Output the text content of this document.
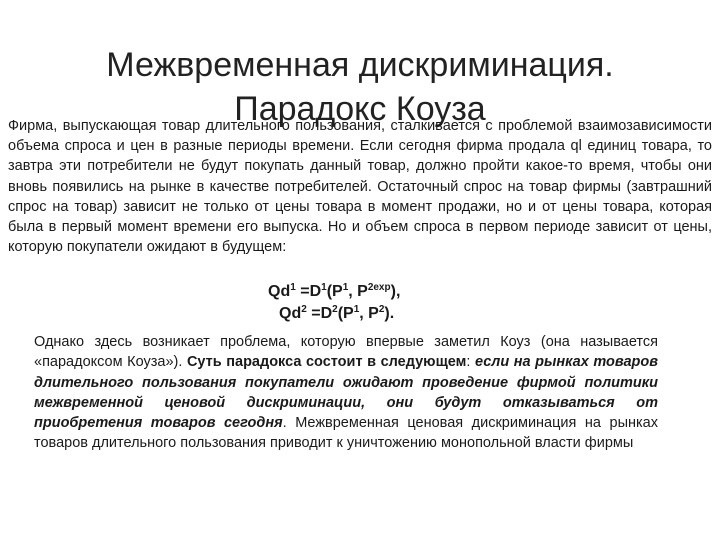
Межвременная дискриминация.
Парадокс Коуза

Фирма, выпускающая товар длительного пользования, сталкивается с проблемой взаимозависимости объема спроса и цен в разные периоды времени. Если сегодня фирма продала ql единиц товара, то завтра эти потребители не будут покупать данный товар, должно пройти какое-то время, чтобы они вновь появились на рынке в качестве потребителей. Остаточный спрос на товар фирмы (завтрашний спрос на товар) зависит не только от цены товара в момент продажи, но и от цены товара, которая была в первый момент времени его выпуска. Но и объем спроса в первом периоде зависит от цены, которую покупатели ожидают в будущем:

$Qd^1 =D^1(P^1$, $P^{2exp}$),
$Qd^2 =D^2(P^1$, $P^2$).

Однако здесь возникает проблема, которую впервые заметил Коуз (она называется «парадоксом Коуза»). Суть парадокса состоит в следующем: если на рынках товаров длительного пользования покупатели ожидают проведение фирмой политики межвременной ценовой дискриминации, они будут отказываться от приобретения товаров сегодня. Межвременная ценовая дискриминация на рынках товаров длительного пользования приводит к уничтожению монопольной власти фирмы
